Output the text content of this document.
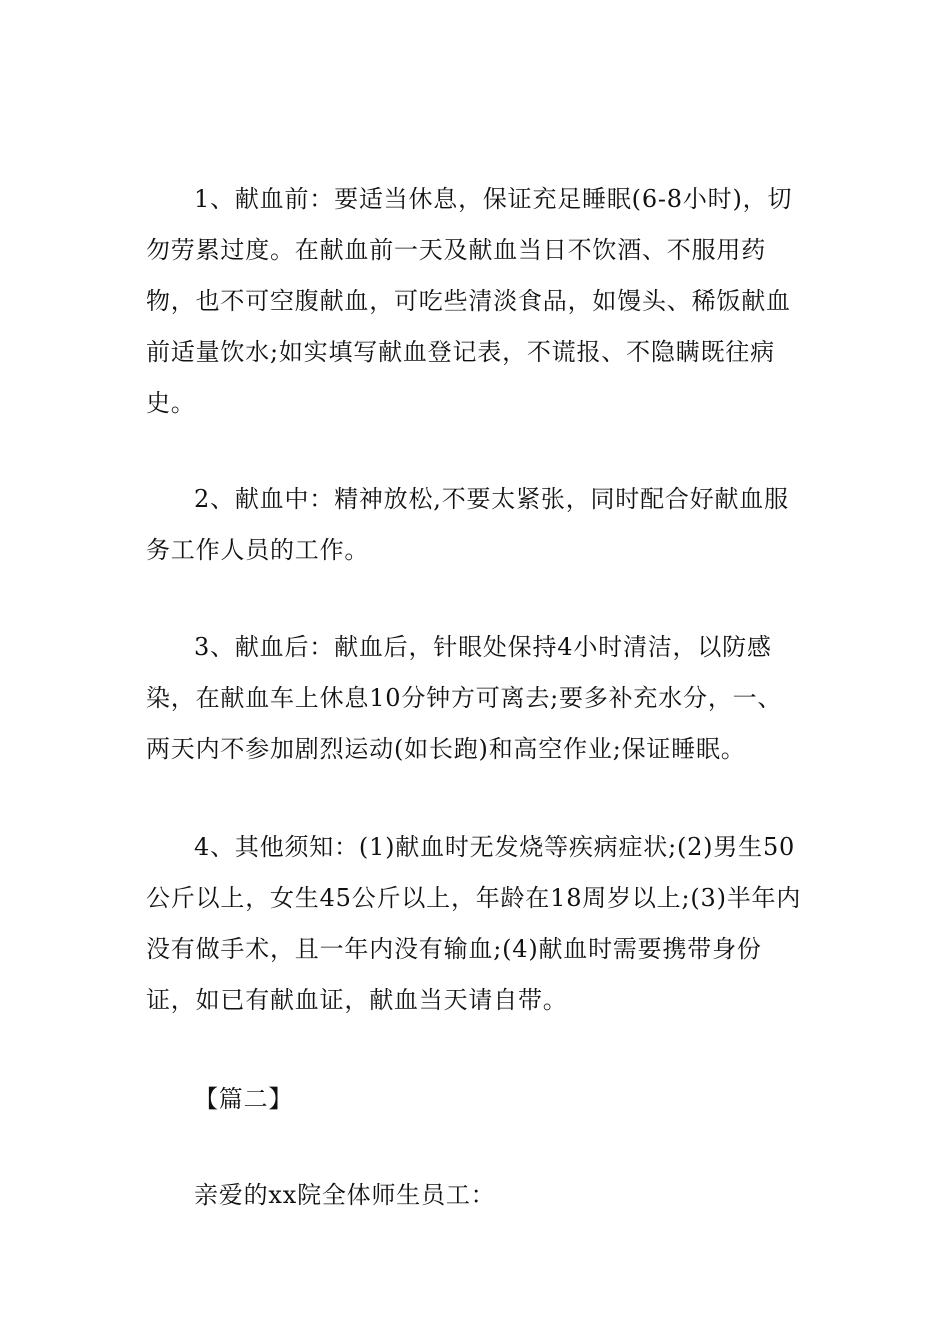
1、献血前：要适当休息，保证充足睡眠(6-8小时)，切勿劳累过度。在献血前一天及献血当日不饮酒、不服用药物，也不可空腹献血，可吃些清淡食品，如馒头、稀饭献血前适量饮水;如实填写献血登记表，不谎报、不隐瞒既往病史。

2、献血中：精神放松,不要太紧张，同时配合好献血服务工作人员的工作。

3、献血后：献血后，针眼处保持4小时清洁，以防感染，在献血车上休息10分钟方可离去;要多补充水分，一、两天内不参加剧烈运动(如长跑)和高空作业;保证睡眠。

4、其他须知：(1)献血时无发烧等疾病症状;(2)男生50公斤以上，女生45公斤以上，年龄在18周岁以上;(3)半年内没有做手术，且一年内没有输血;(4)献血时需要携带身份证，如已有献血证，献血当天请自带。

【篇二】

亲爱的xx院全体师生员工：
